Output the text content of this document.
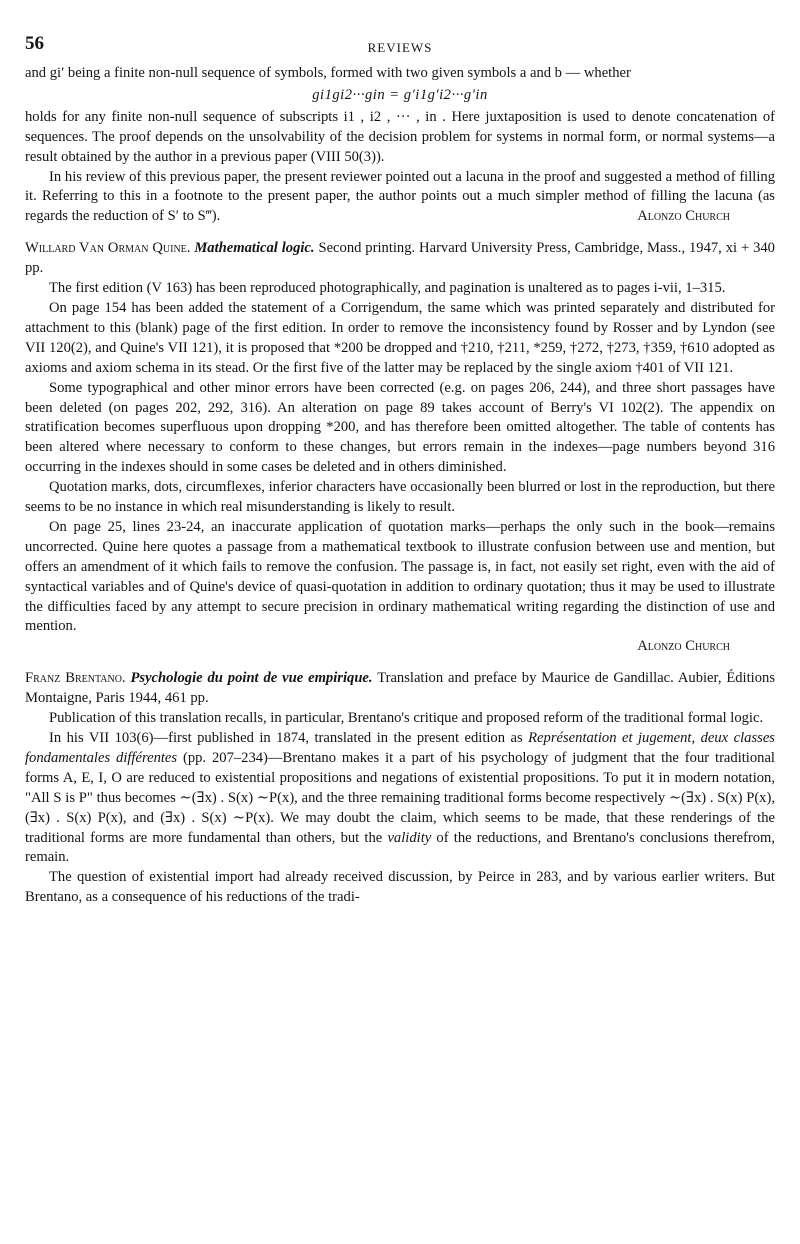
56	REVIEWS

and gi′ being a finite non-null sequence of symbols, formed with two given symbols a and b — whether

gi1gi2···gin = g′i1g′i2···g′in

holds for any finite non-null sequence of subscripts i1 , i2 , ··· , in . Here juxtaposition is used to denote concatenation of sequences. The proof depends on the unsolvability of the decision problem for systems in normal form, or normal systems—a result obtained by the author in a previous paper (VIII 50(3)).

In his review of this previous paper, the present reviewer pointed out a lacuna in the proof and suggested a method of filling it. Referring to this in a footnote to the present paper, the author points out a much simpler method of filling the lacuna (as regards the reduction of S′ to S‴).	Alonzo Church

Willard Van Orman Quine. Mathematical logic. Second printing. Harvard University Press, Cambridge, Mass., 1947, xi + 340 pp.

The first edition (V 163) has been reproduced photographically, and pagination is unaltered as to pages i-vii, 1–315.

On page 154 has been added the statement of a Corrigendum, the same which was printed separately and distributed for attachment to this (blank) page of the first edition. In order to remove the inconsistency found by Rosser and by Lyndon (see VII 120(2), and Quine's VII 121), it is proposed that *200 be dropped and †210, †211, *259, †272, †273, †359, †610 adopted as axioms and axiom schema in its stead. Or the first five of the latter may be replaced by the single axiom †401 of VII 121.

Some typographical and other minor errors have been corrected (e.g. on pages 206, 244), and three short passages have been deleted (on pages 202, 292, 316). An alteration on page 89 takes account of Berry's VI 102(2). The appendix on stratification becomes superfluous upon dropping *200, and has therefore been omitted altogether. The table of contents has been altered where necessary to conform to these changes, but errors remain in the indexes—page numbers beyond 316 occurring in the indexes should in some cases be deleted and in others diminished.

Quotation marks, dots, circumflexes, inferior characters have occasionally been blurred or lost in the reproduction, but there seems to be no instance in which real misunderstanding is likely to result.

On page 25, lines 23-24, an inaccurate application of quotation marks—perhaps the only such in the book—remains uncorrected. Quine here quotes a passage from a mathematical textbook to illustrate confusion between use and mention, but offers an amendment of it which fails to remove the confusion. The passage is, in fact, not easily set right, even with the aid of syntactical variables and of Quine's device of quasi-quotation in addition to ordinary quotation; thus it may be used to illustrate the difficulties faced by any attempt to secure precision in ordinary mathematical writing regarding the distinction of use and mention.

Alonzo Church

Franz Brentano. Psychologie du point de vue empirique. Translation and preface by Maurice de Gandillac. Aubier, Éditions Montaigne, Paris 1944, 461 pp.

Publication of this translation recalls, in particular, Brentano's critique and proposed reform of the traditional formal logic.

In his VII 103(6)—first published in 1874, translated in the present edition as Représentation et jugement, deux classes fondamentales différentes (pp. 207–234)—Brentano makes it a part of his psychology of judgment that the four traditional forms A, E, I, O are reduced to existential propositions and negations of existential propositions. To put it in modern notation, "All S is P" thus becomes ∼(∃x) . S(x) ∼P(x), and the three remaining traditional forms become respectively ∼(∃x) . S(x) P(x), (∃x) . S(x) P(x), and (∃x) . S(x) ∼P(x). We may doubt the claim, which seems to be made, that these renderings of the traditional forms are more fundamental than others, but the validity of the reductions, and Brentano's conclusions therefrom, remain.

The question of existential import had already received discussion, by Peirce in 283, and by various earlier writers. But Brentano, as a consequence of his reductions of the tradi-
